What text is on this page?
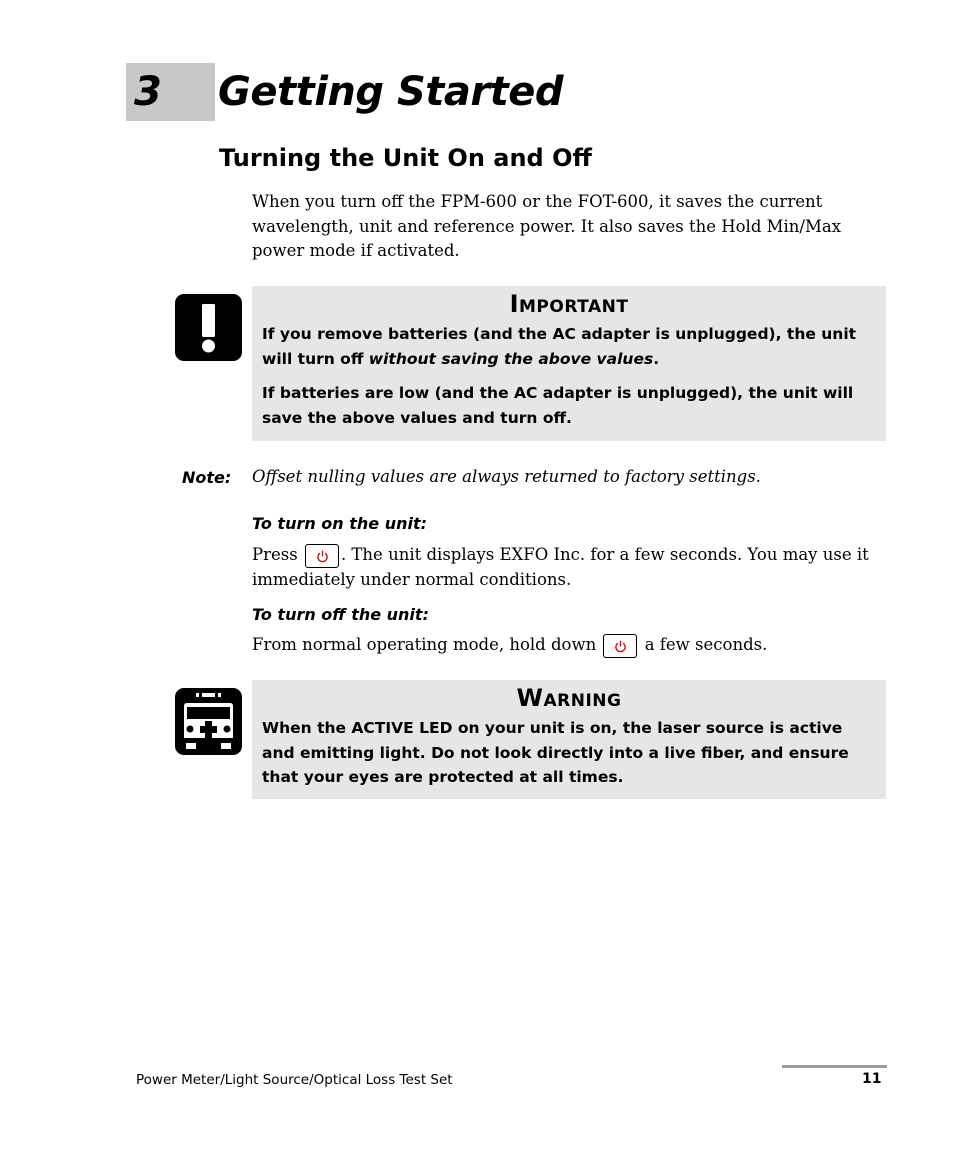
3 Getting Started
Turning the Unit On and Off
When you turn off the FPM-600 or the FOT-600, it saves the current wavelength, unit and reference power. It also saves the Hold Min/Max power mode if activated.
Important

If you remove batteries (and the AC adapter is unplugged), the unit will turn off without saving the above values.

If batteries are low (and the AC adapter is unplugged), the unit will save the above values and turn off.

Note: Offset nulling values are always returned to factory settings.
To turn on the unit:
Press
. The unit displays EXFO Inc. for a few seconds. You may use it immediately under normal conditions.
To turn off the unit:
From normal operating mode, hold down
a few seconds.
Warning

When the ACTIVE LED on your unit is on, the laser source is active and emitting light. Do not look directly into a live fiber, and ensure that your eyes are protected at all times.

Power Meter/Light Source/Optical Loss Test Set	11
